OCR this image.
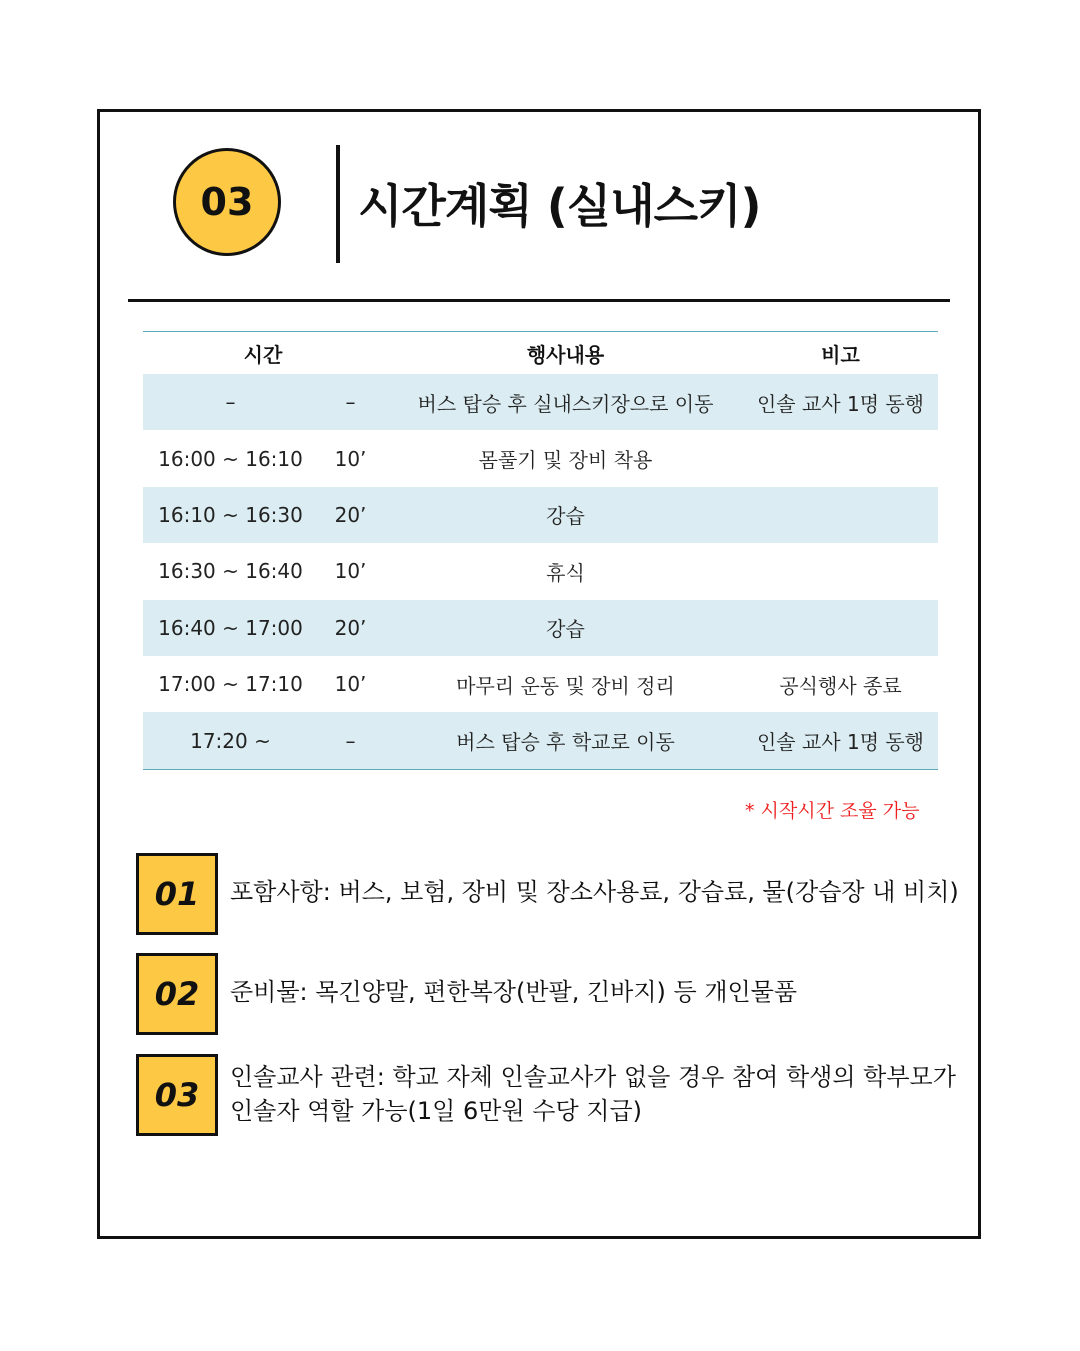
03	시간계획 (실내스키)
시간	행사내용	비고
–	–	버스 탑승 후 실내스키장으로 이동	인솔 교사 1명 동행
16:00 ~ 16:10	10’	몸풀기 및 장비 착용
16:10 ~ 16:30	20’	강습
16:30 ~ 16:40	10’	휴식
16:40 ~ 17:00	20’	강습
17:00 ~ 17:10	10’	마무리 운동 및 장비 정리	공식행사 종료
17:20 ~	–	버스 탑승 후 학교로 이동	인솔 교사 1명 동행
* 시작시간 조율 가능
01	포함사항: 버스, 보험, 장비 및 장소사용료, 강습료, 물(강습장 내 비치)
02	준비물: 목긴양말, 편한복장(반팔, 긴바지) 등 개인물품
03	인솔교사 관련: 학교 자체 인솔교사가 없을 경우 참여 학생의 학부모가 인솔자 역할 가능(1일 6만원 수당 지급)
